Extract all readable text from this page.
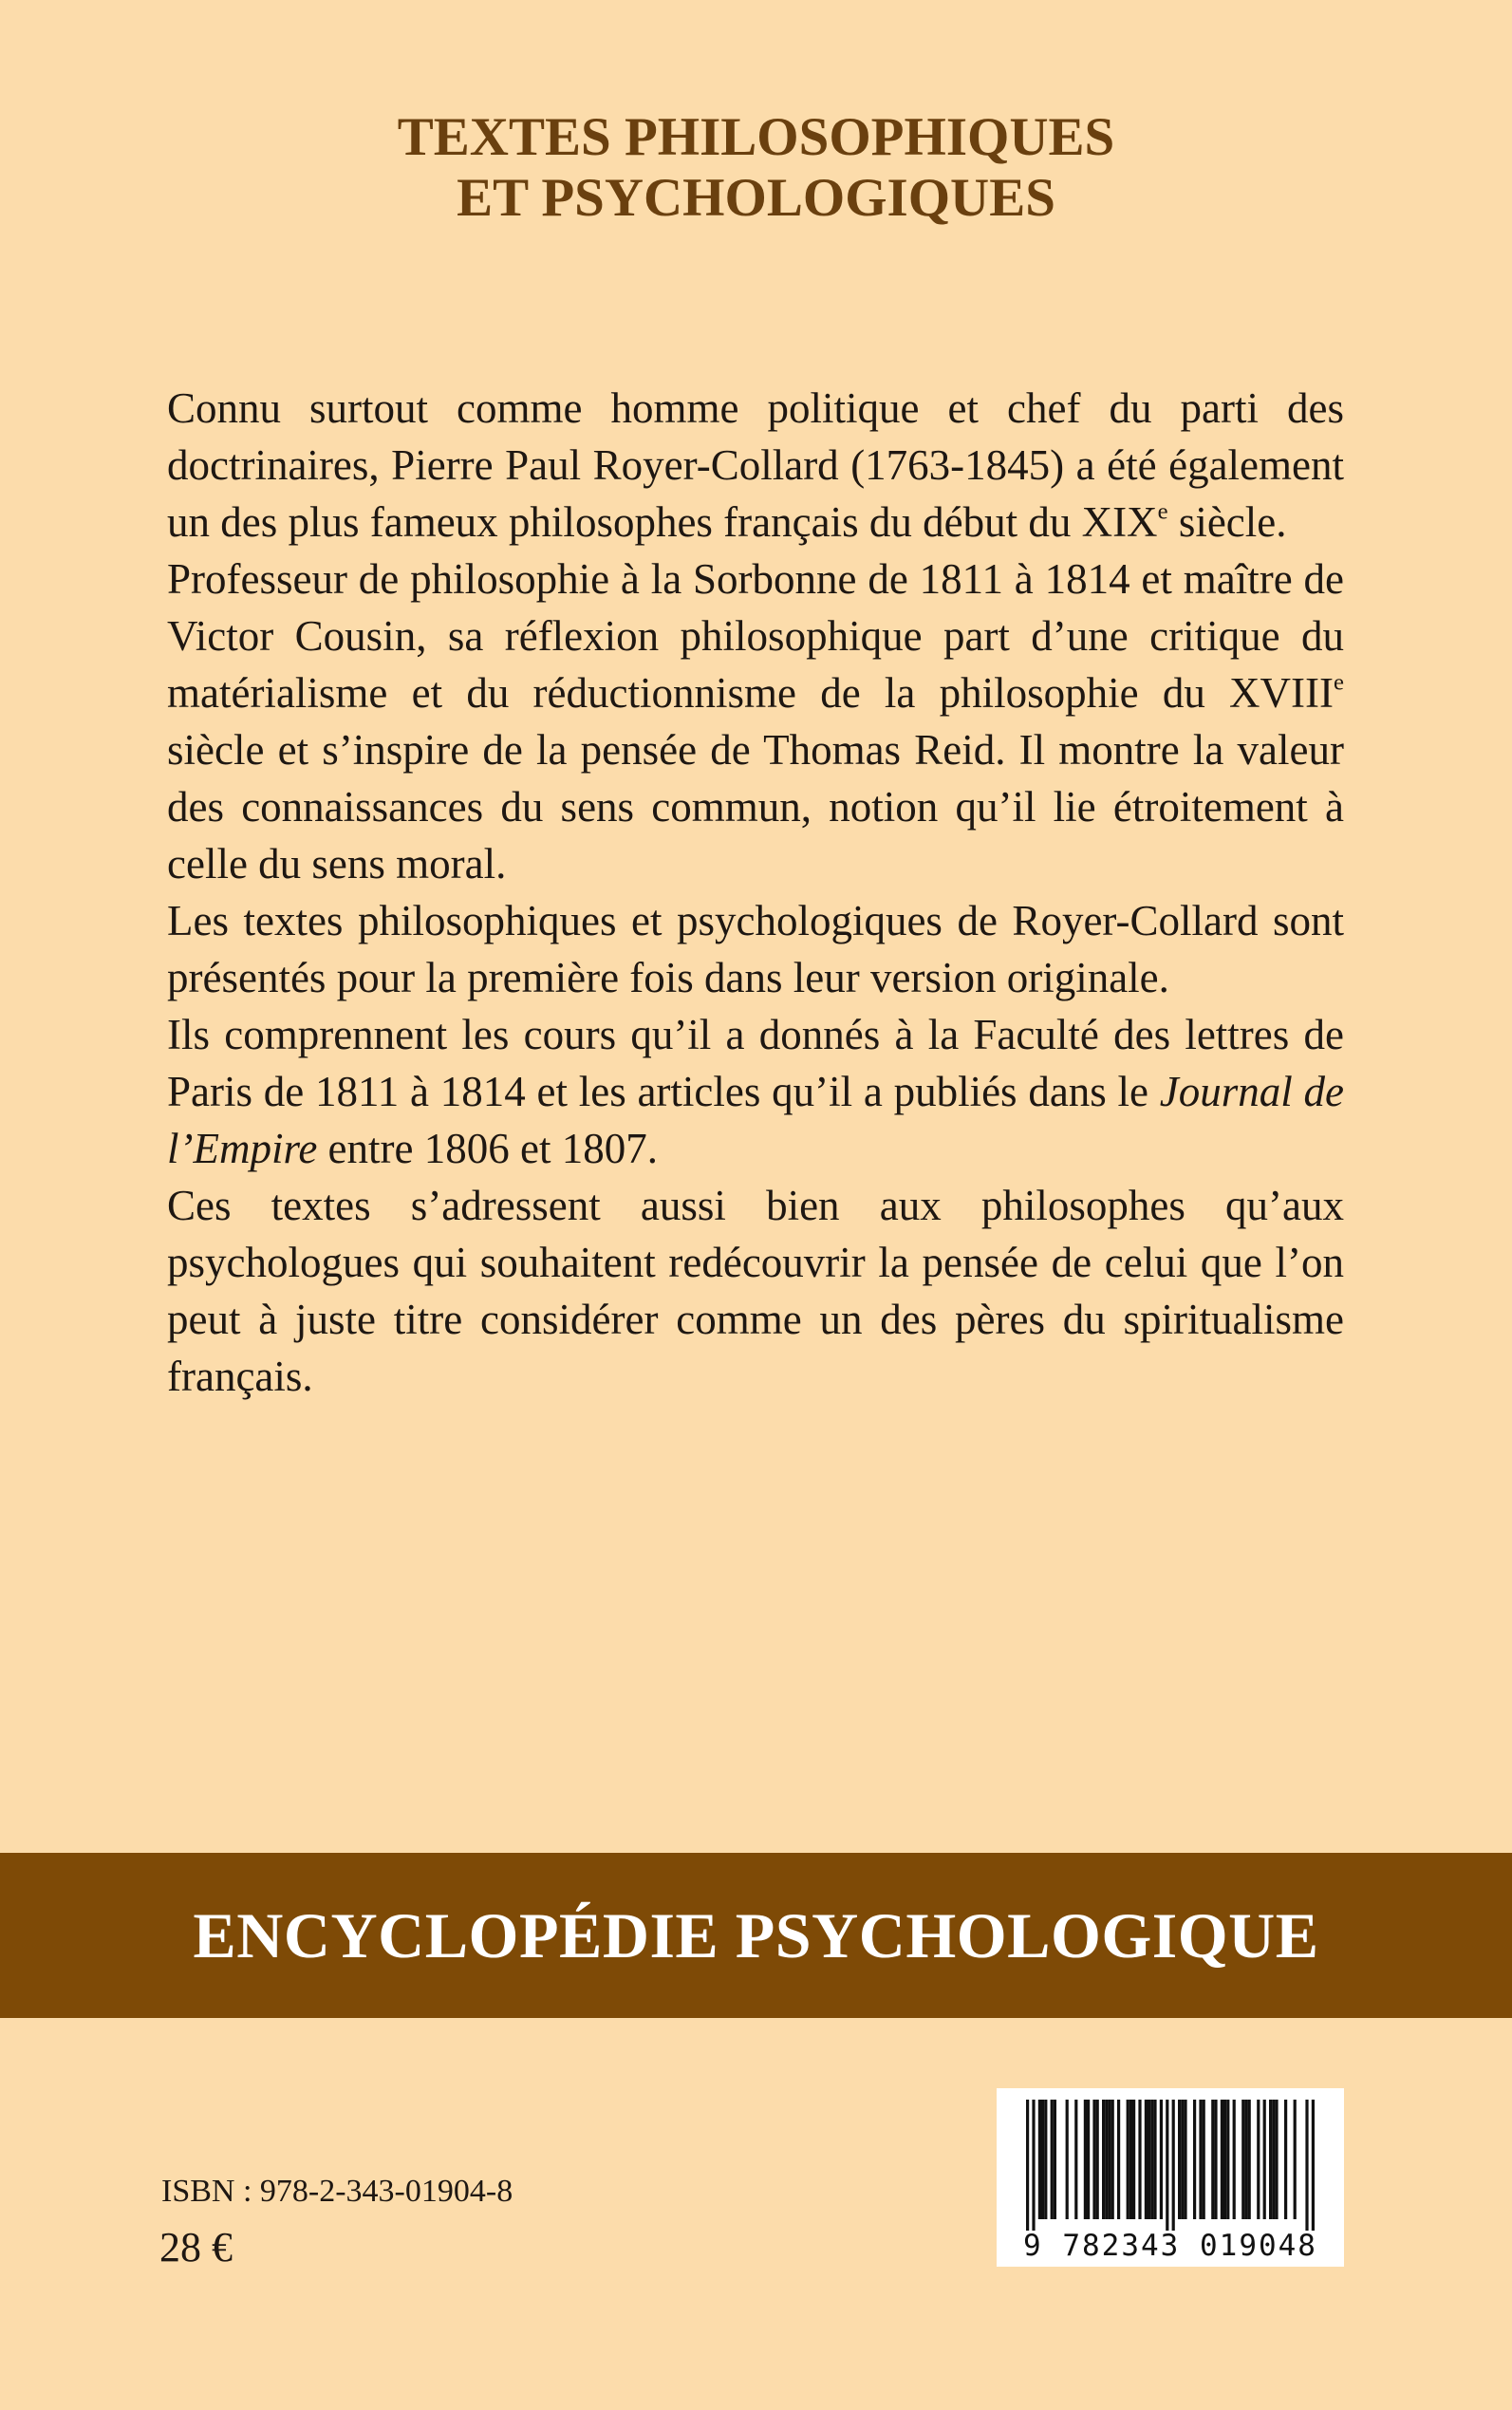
TEXTES PHILOSOPHIQUES
ET PSYCHOLOGIQUES

Connu surtout comme homme politique et chef du parti des doctrinaires, Pierre Paul Royer-Collard (1763-1845) a été également un des plus fameux philosophes français du début du XIXe siècle.

Professeur de philosophie à la Sorbonne de 1811 à 1814 et maître de Victor Cousin, sa réflexion philosophique part d’une critique du matérialisme et du réductionnisme de la philosophie du XVIIIe siècle et s’inspire de la pensée de Thomas Reid. Il montre la valeur des connaissances du sens commun, notion qu’il lie étroitement à celle du sens moral.

Les textes philosophiques et psychologiques de Royer-Collard sont présentés pour la première fois dans leur version originale.

Ils comprennent les cours qu’il a donnés à la Faculté des lettres de Paris de 1811 à 1814 et les articles qu’il a publiés dans le Journal de l’Empire entre 1806 et 1807.

Ces textes s’adressent aussi bien aux philosophes qu’aux psychologues qui souhaitent redécouvrir la pensée de celui que l’on peut à juste titre considérer comme un des pères du spiritualisme français.

ENCYCLOPÉDIE PSYCHOLOGIQUE
ISBN : 978-2-343-01904-8
28 €	9 782343 019048
